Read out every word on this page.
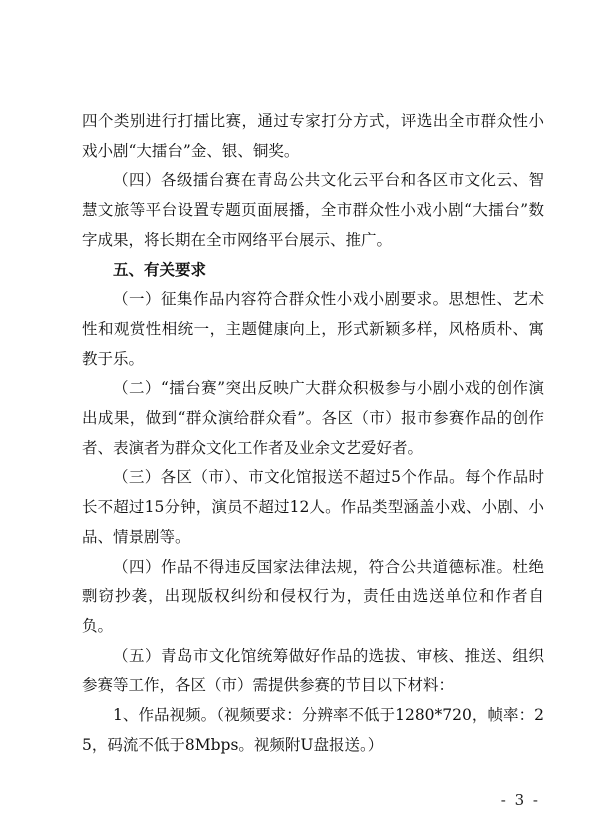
四个类别进行打擂比赛，通过专家打分方式，评选出全市群众性小戏小剧“大擂台”金、银、铜奖。

（四）各级擂台赛在青岛公共文化云平台和各区市文化云、智慧文旅等平台设置专题页面展播，全市群众性小戏小剧“大擂台”数字成果，将长期在全市网络平台展示、推广。

五、有关要求

（一）征集作品内容符合群众性小戏小剧要求。思想性、艺术性和观赏性相统一，主题健康向上，形式新颖多样，风格质朴、寓教于乐。

（二）“擂台赛”突出反映广大群众积极参与小剧小戏的创作演出成果，做到“群众演给群众看”。各区（市）报市参赛作品的创作者、表演者为群众文化工作者及业余文艺爱好者。

（三）各区（市）、市文化馆报送不超过5个作品。每个作品时长不超过15分钟，演员不超过12人。作品类型涵盖小戏、小剧、小品、情景剧等。

（四）作品不得违反国家法律法规，符合公共道德标准。杜绝剽窃抄袭，出现版权纠纷和侵权行为，责任由选送单位和作者自负。

（五）青岛市文化馆统筹做好作品的选拔、审核、推送、组织参赛等工作，各区（市）需提供参赛的节目以下材料：

1、作品视频。（视频要求：分辨率不低于1280*720，帧率：25，码流不低于8Mbps。视频附U盘报送。）

- 3 -
